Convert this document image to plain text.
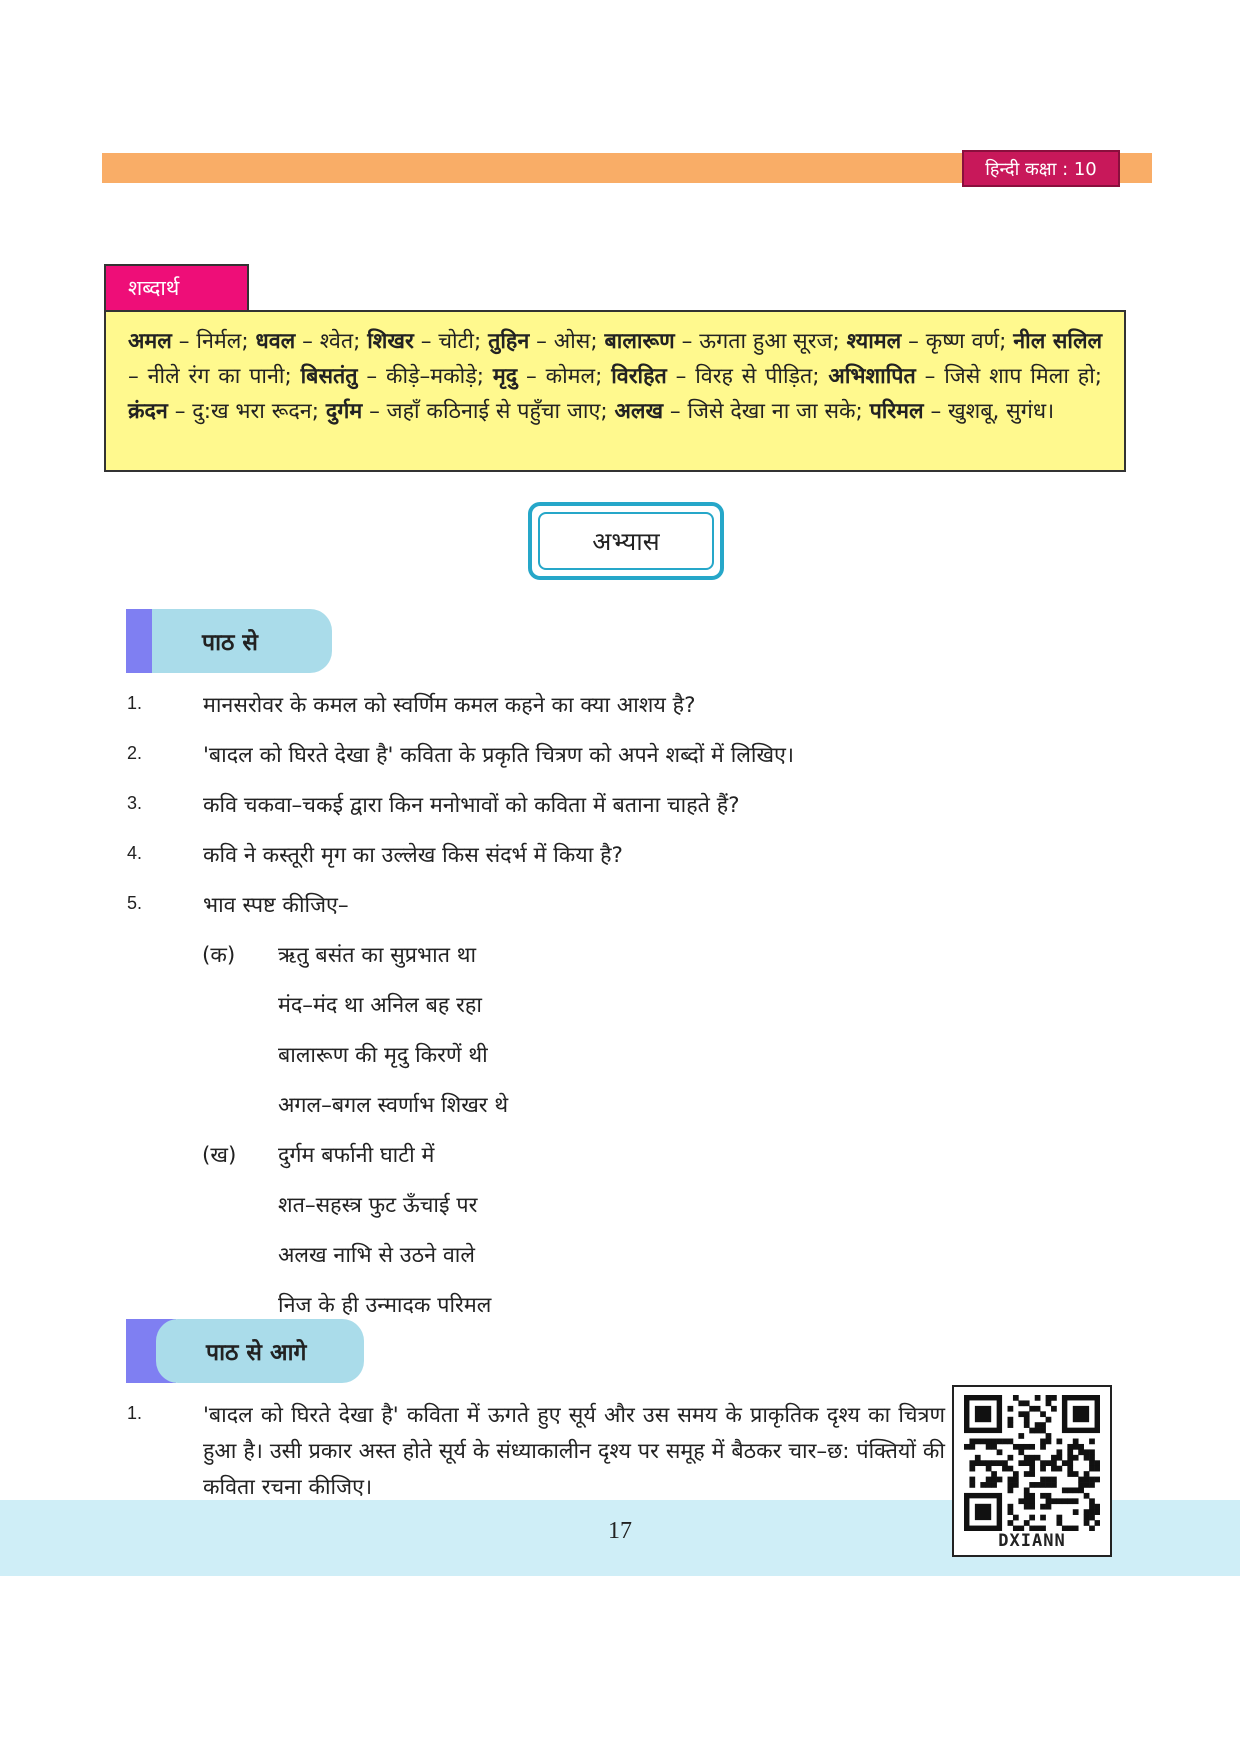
हिन्दी कक्षा : 10
शब्दार्थ
अमल – निर्मल; धवल – श्वेत; शिखर – चोटी; तुहिन – ओस; बालारूण – ऊगता हुआ सूरज; श्यामल – कृष्ण वर्ण; नील सलिल – नीले रंग का पानी; बिसतंतु – कीड़े–मकोड़े; मृदु – कोमल; विरहित – विरह से पीड़ित; अभिशापित – जिसे शाप मिला हो; क्रंदन – दु:ख भरा रूदन; दुर्गम – जहाँ कठिनाई से पहुँचा जाए; अलख – जिसे देखा ना जा सके; परिमल – खुशबू, सुगंध।
अभ्यास
पाठ से
1.	मानसरोवर के कमल को स्वर्णिम कमल कहने का क्या आशय है?
2.	'बादल को घिरते देखा है' कविता के प्रकृति चित्रण को अपने शब्दों में लिखिए।
3.	कवि चकवा–चकई द्वारा किन मनोभावों को कविता में बताना चाहते हैं?
4.	कवि ने कस्तूरी मृग का उल्लेख किस संदर्भ में किया है?
5.	भाव स्पष्ट कीजिए–
(क)	ऋतु बसंत का सुप्रभात था
मंद–मंद था अनिल बह रहा
बालारूण की मृदु किरणें थी
अगल–बगल स्वर्णाभ शिखर थे
(ख)	दुर्गम बर्फानी घाटी में
शत–सहस्त्र फुट ऊँचाई पर
अलख नाभि से उठने वाले
निज के ही उन्मादक परिमल
पाठ से आगे
1.	'बादल को घिरते देखा है' कविता में ऊगते हुए सूर्य और उस समय के प्राकृतिक दृश्य का चित्रण हुआ है। उसी प्रकार अस्त होते सूर्य के संध्याकालीन दृश्य पर समूह में बैठकर चार–छ: पंक्तियों की कविता रचना कीजिए।
17	DXIANN
